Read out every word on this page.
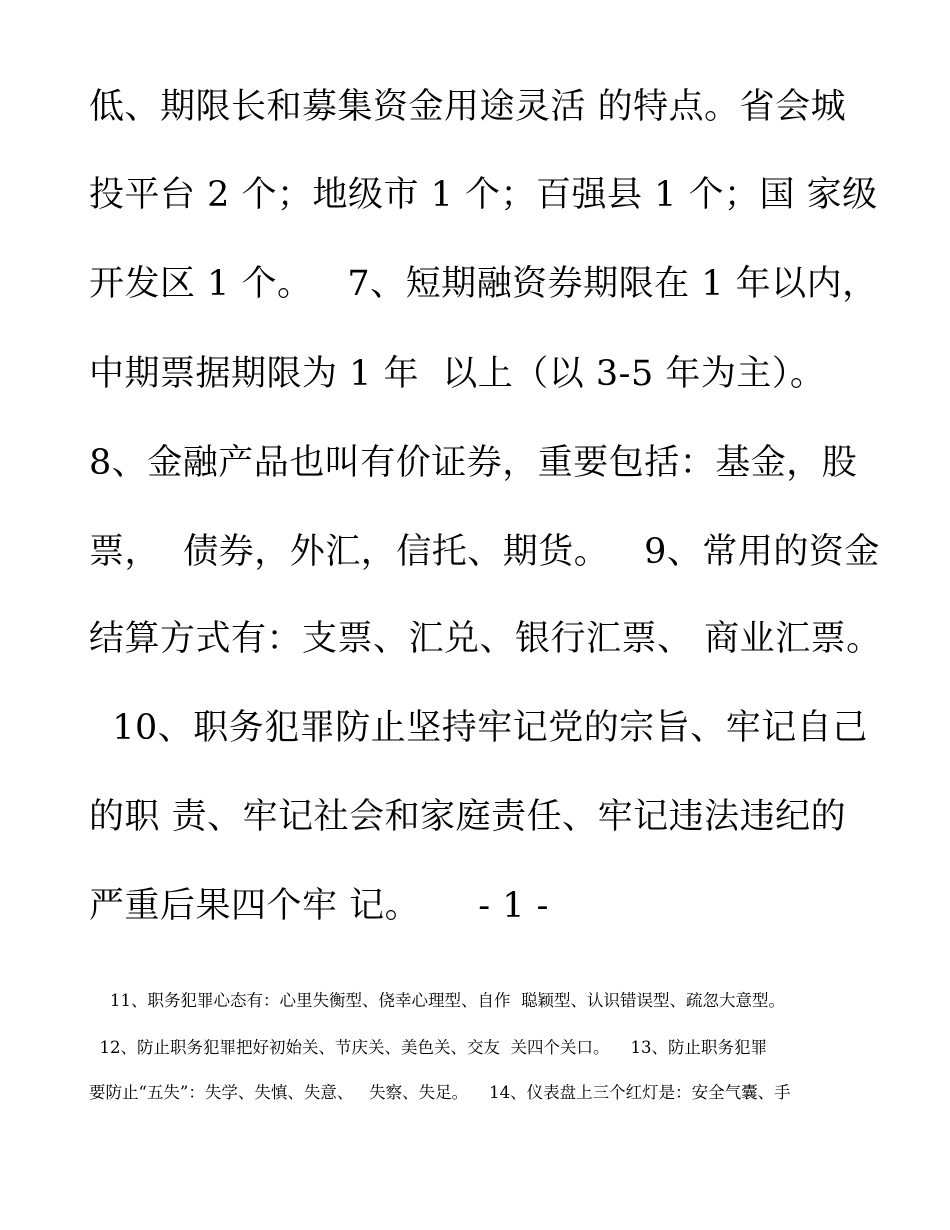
低、期限长和募集资金用途灵活 的特点。省会城
投平台 2 个；地级市 1 个；百强县 1 个；国 家级
开发区 1 个。   7、短期融资券期限在 1 年以内，
中期票据期限为 1 年  以上（以 3-5 年为主）。
8、金融产品也叫有价证券，重要包括：基金，股
票，  债券，外汇，信托、期货。   9、常用的资金
结算方式有：支票、汇兑、银行汇票、 商业汇票。
10、职务犯罪防止坚持牢记党的宗旨、牢记自己
的职 责、牢记社会和家庭责任、牢记违法违纪的
严重后果四个牢 记。     - 1 -
11、职务犯罪心态有：心里失衡型、侥幸心理型、自作  聪颖型、认识错误型、疏忽大意型。
12、防止职务犯罪把好初始关、节庆关、美色关、交友  关四个关口。    13、防止职务犯罪
要防止“五失”：失学、失慎、失意、   失察、失足。    14、仪表盘上三个红灯是：安全气囊、手
